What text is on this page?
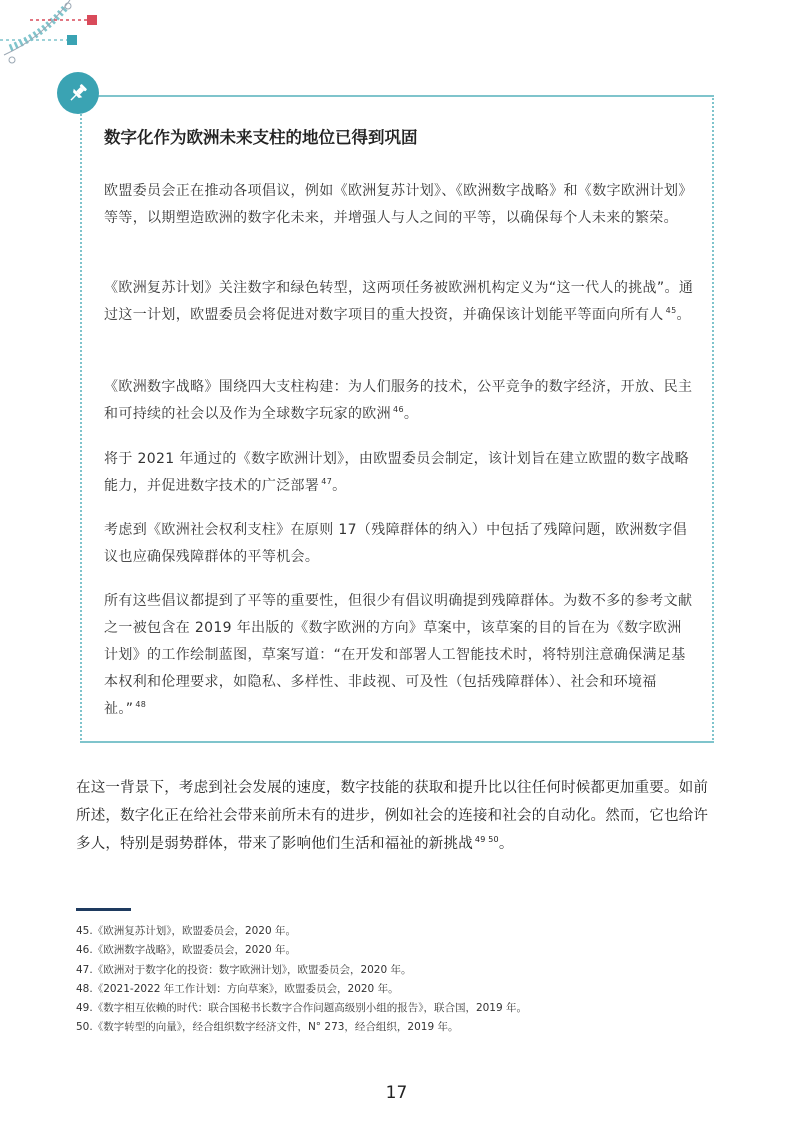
数字化作为欧洲未来支柱的地位已得到巩固

欧盟委员会正在推动各项倡议，例如《欧洲复苏计划》、《欧洲数字战略》和《数字欧洲计划》等等，以期塑造欧洲的数字化未来，并增强人与人之间的平等，以确保每个人未来的繁荣。

《欧洲复苏计划》关注数字和绿色转型，这两项任务被欧洲机构定义为“这一代人的挑战”。通过这一计划，欧盟委员会将促进对数字项目的重大投资，并确保该计划能平等面向所有人 $^{45}$。

《欧洲数字战略》围绕四大支柱构建：为人们服务的技术，公平竞争的数字经济，开放、民主和可持续的社会以及作为全球数字玩家的欧洲 $^{46}$。

将于 2021 年通过的《数字欧洲计划》，由欧盟委员会制定，该计划旨在建立欧盟的数字战略能力，并促进数字技术的广泛部署 $^{47}$。

考虑到《欧洲社会权利支柱》在原则 17（残障群体的纳入）中包括了残障问题，欧洲数字倡议也应确保残障群体的平等机会。

所有这些倡议都提到了平等的重要性，但很少有倡议明确提到残障群体。为数不多的参考文献之一被包含在 2019 年出版的《数字欧洲的方向》草案中，该草案的目的旨在为《数字欧洲计划》的工作绘制蓝图，草案写道：“在开发和部署人工智能技术时，将特别注意确保满足基本权利和伦理要求，如隐私、多样性、非歧视、可及性（包括残障群体）、社会和环境福祉。” $^{48}$

在这一背景下，考虑到社会发展的速度，数字技能的获取和提升比以往任何时候都更加重要。如前所述，数字化正在给社会带来前所未有的进步，例如社会的连接和社会的自动化。然而，它也给许多人，特别是弱势群体，带来了影响他们生活和福祉的新挑战 $^{49 50}$。

45.《欧洲复苏计划》，欧盟委员会，2020 年。
46.《欧洲数字战略》，欧盟委员会，2020 年。
47.《欧洲对于数字化的投资：数字欧洲计划》，欧盟委员会，2020 年。
48.《2021-2022 年工作计划：方向草案》，欧盟委员会，2020 年。
49.《数字相互依赖的时代：联合国秘书长数字合作问题高级别小组的报告》，联合国，2019 年。
50.《数字转型的向量》，经合组织数字经济文件，N° 273，经合组织，2019 年。
17
